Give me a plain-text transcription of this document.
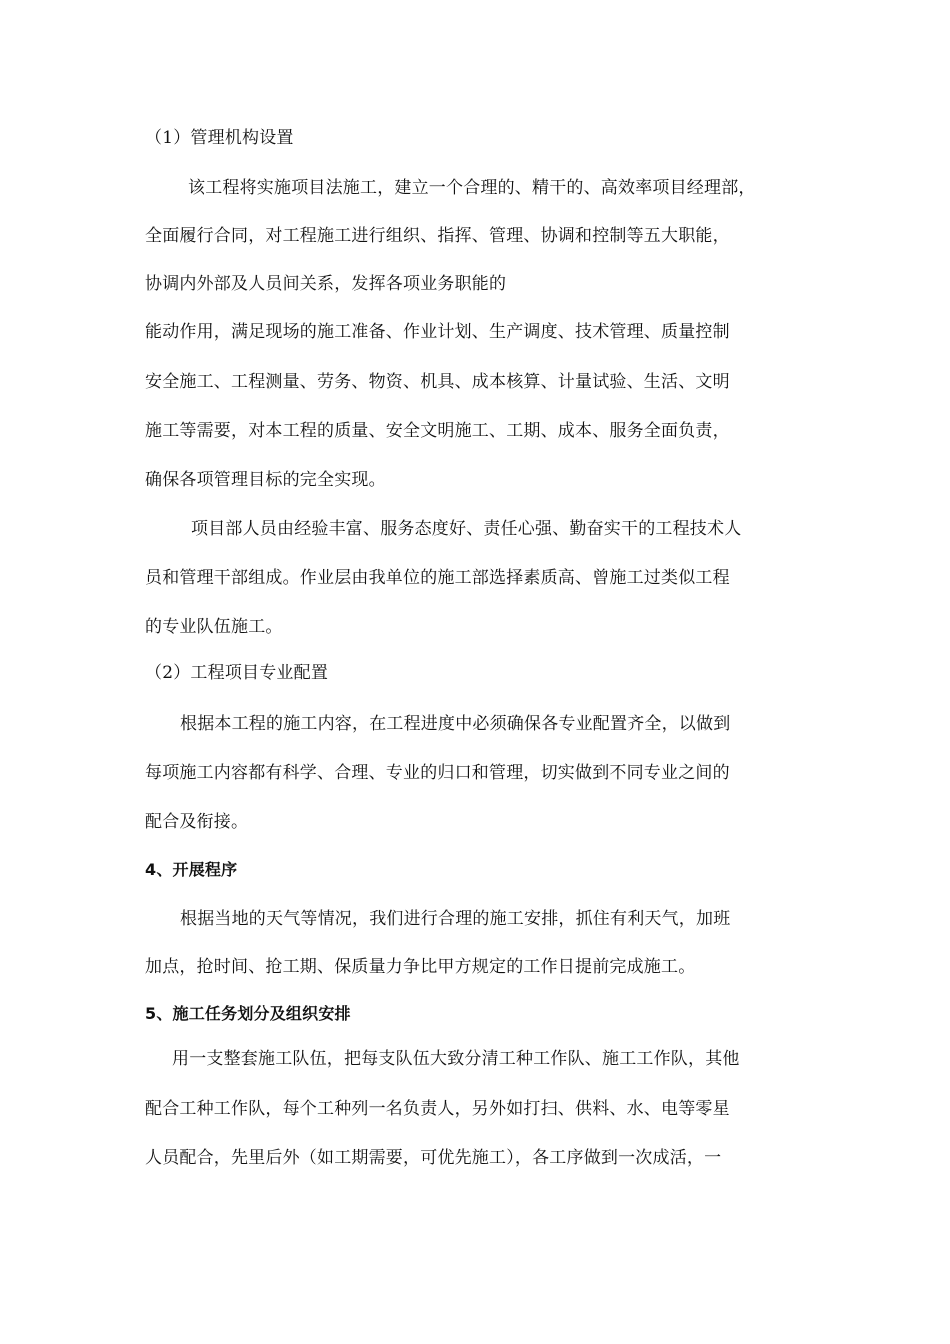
（1）管理机构设置
该工程将实施项目法施工，建立一个合理的、精干的、高效率项目经理部，
全面履行合同，对工程施工进行组织、指挥、管理、协调和控制等五大职能，
协调内外部及人员间关系，发挥各项业务职能的
能动作用，满足现场的施工准备、作业计划、生产调度、技术管理、质量控制
安全施工、工程测量、劳务、物资、机具、成本核算、计量试验、生活、文明
施工等需要，对本工程的质量、安全文明施工、工期、成本、服务全面负责，
确保各项管理目标的完全实现。
项目部人员由经验丰富、服务态度好、责任心强、勤奋实干的工程技术人
员和管理干部组成。作业层由我单位的施工部选择素质高、曾施工过类似工程
的专业队伍施工。
（2）工程项目专业配置
根据本工程的施工内容，在工程进度中必须确保各专业配置齐全，以做到
每项施工内容都有科学、合理、专业的归口和管理，切实做到不同专业之间的
配合及衔接。
4、开展程序
根据当地的天气等情况，我们进行合理的施工安排，抓住有利天气，加班
加点，抢时间、抢工期、保质量力争比甲方规定的工作日提前完成施工。
5、施工任务划分及组织安排
用一支整套施工队伍，把每支队伍大致分清工种工作队、施工工作队，其他
配合工种工作队，每个工种列一名负责人，另外如打扫、供料、水、电等零星
人员配合，先里后外（如工期需要，可优先施工），各工序做到一次成活，一
